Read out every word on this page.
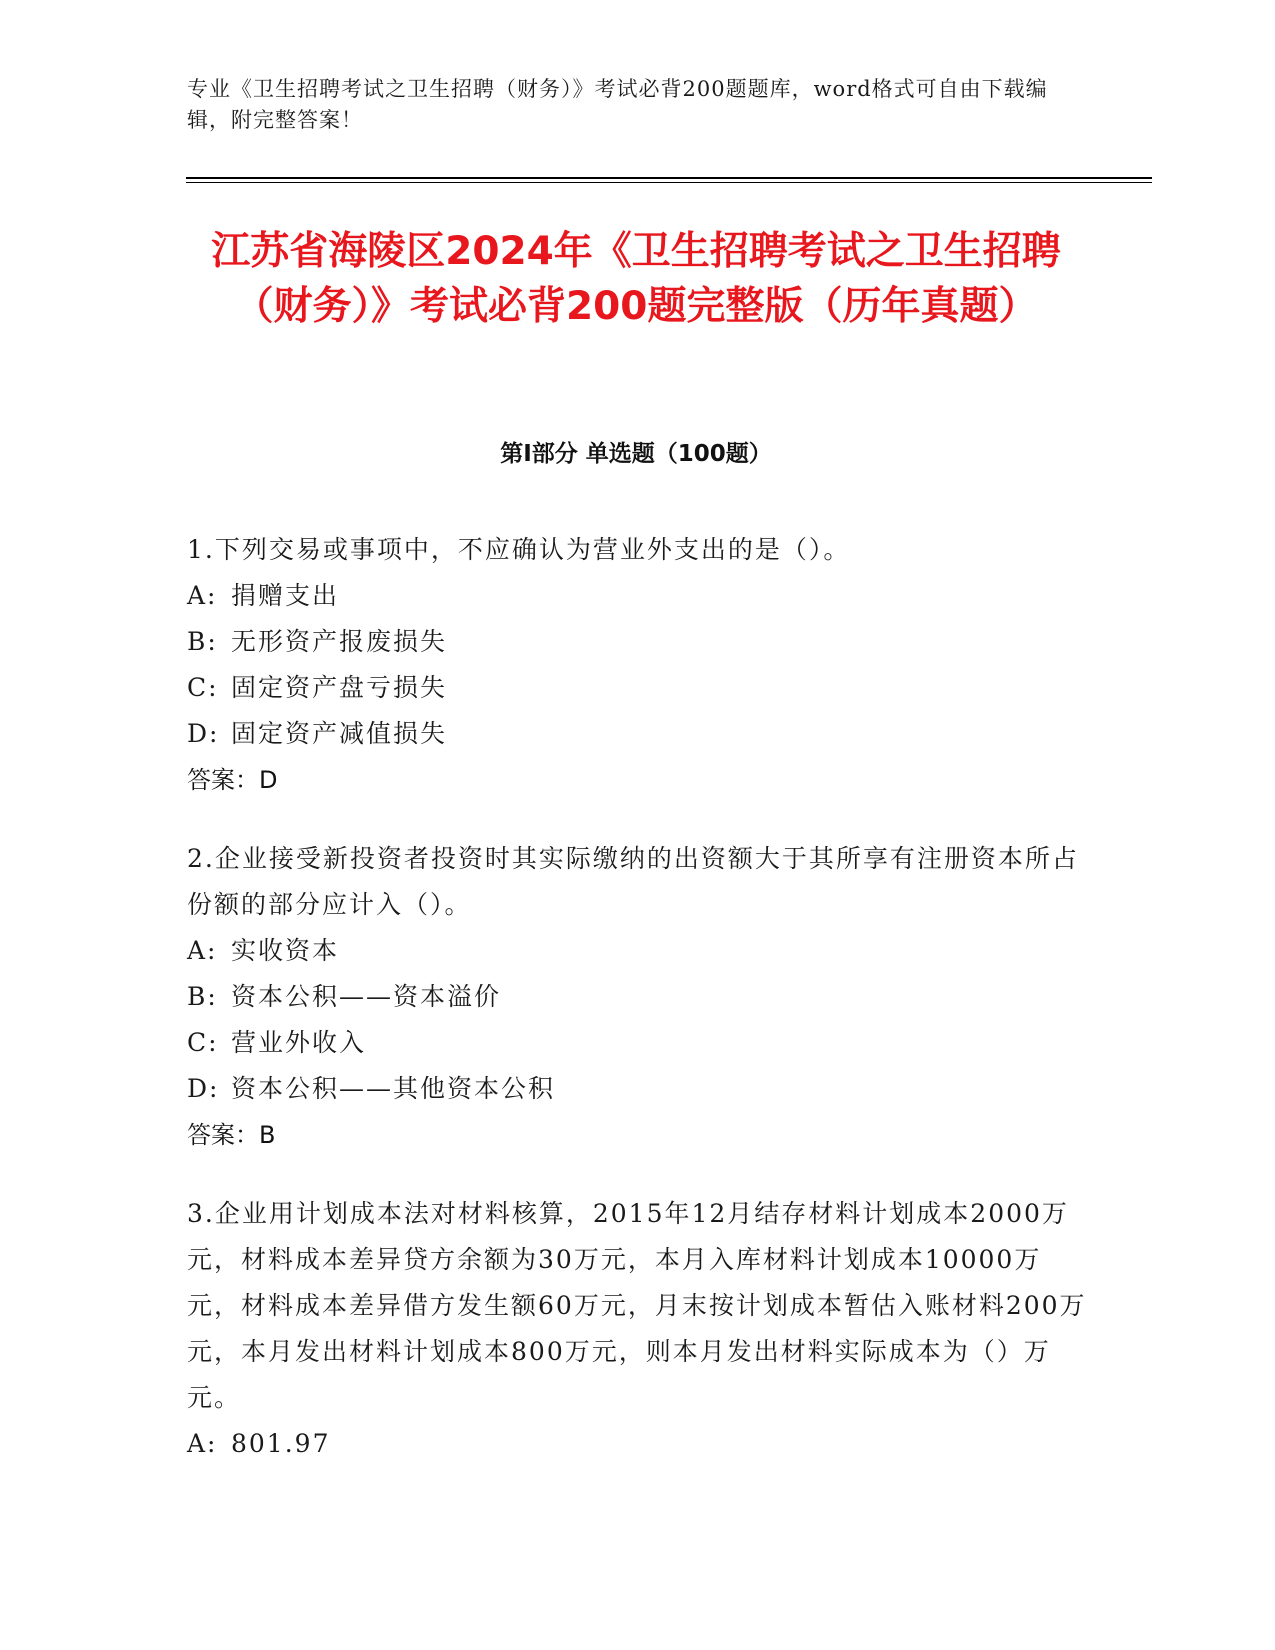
专业《卫生招聘考试之卫生招聘（财务）》考试必背200题题库，word格式可自由下载编辑，附完整答案！
江苏省海陵区2024年《卫生招聘考试之卫生招聘（财务）》考试必背200题完整版（历年真题）
第I部分 单选题（100题）

1.下列交易或事项中，不应确认为营业外支出的是（）。

A: 捐赠支出

B: 无形资产报废损失

C: 固定资产盘亏损失

D: 固定资产减值损失

答案：D

2.企业接受新投资者投资时其实际缴纳的出资额大于其所享有注册资本所占份额的部分应计入（）。

A: 实收资本

B: 资本公积——资本溢价

C: 营业外收入

D: 资本公积——其他资本公积

答案：B

3.企业用计划成本法对材料核算，2015年12月结存材料计划成本2000万元，材料成本差异贷方余额为30万元，本月入库材料计划成本10000万元，材料成本差异借方发生额60万元，月末按计划成本暂估入账材料200万元，本月发出材料计划成本800万元，则本月发出材料实际成本为（）万元。

A: 801.97
